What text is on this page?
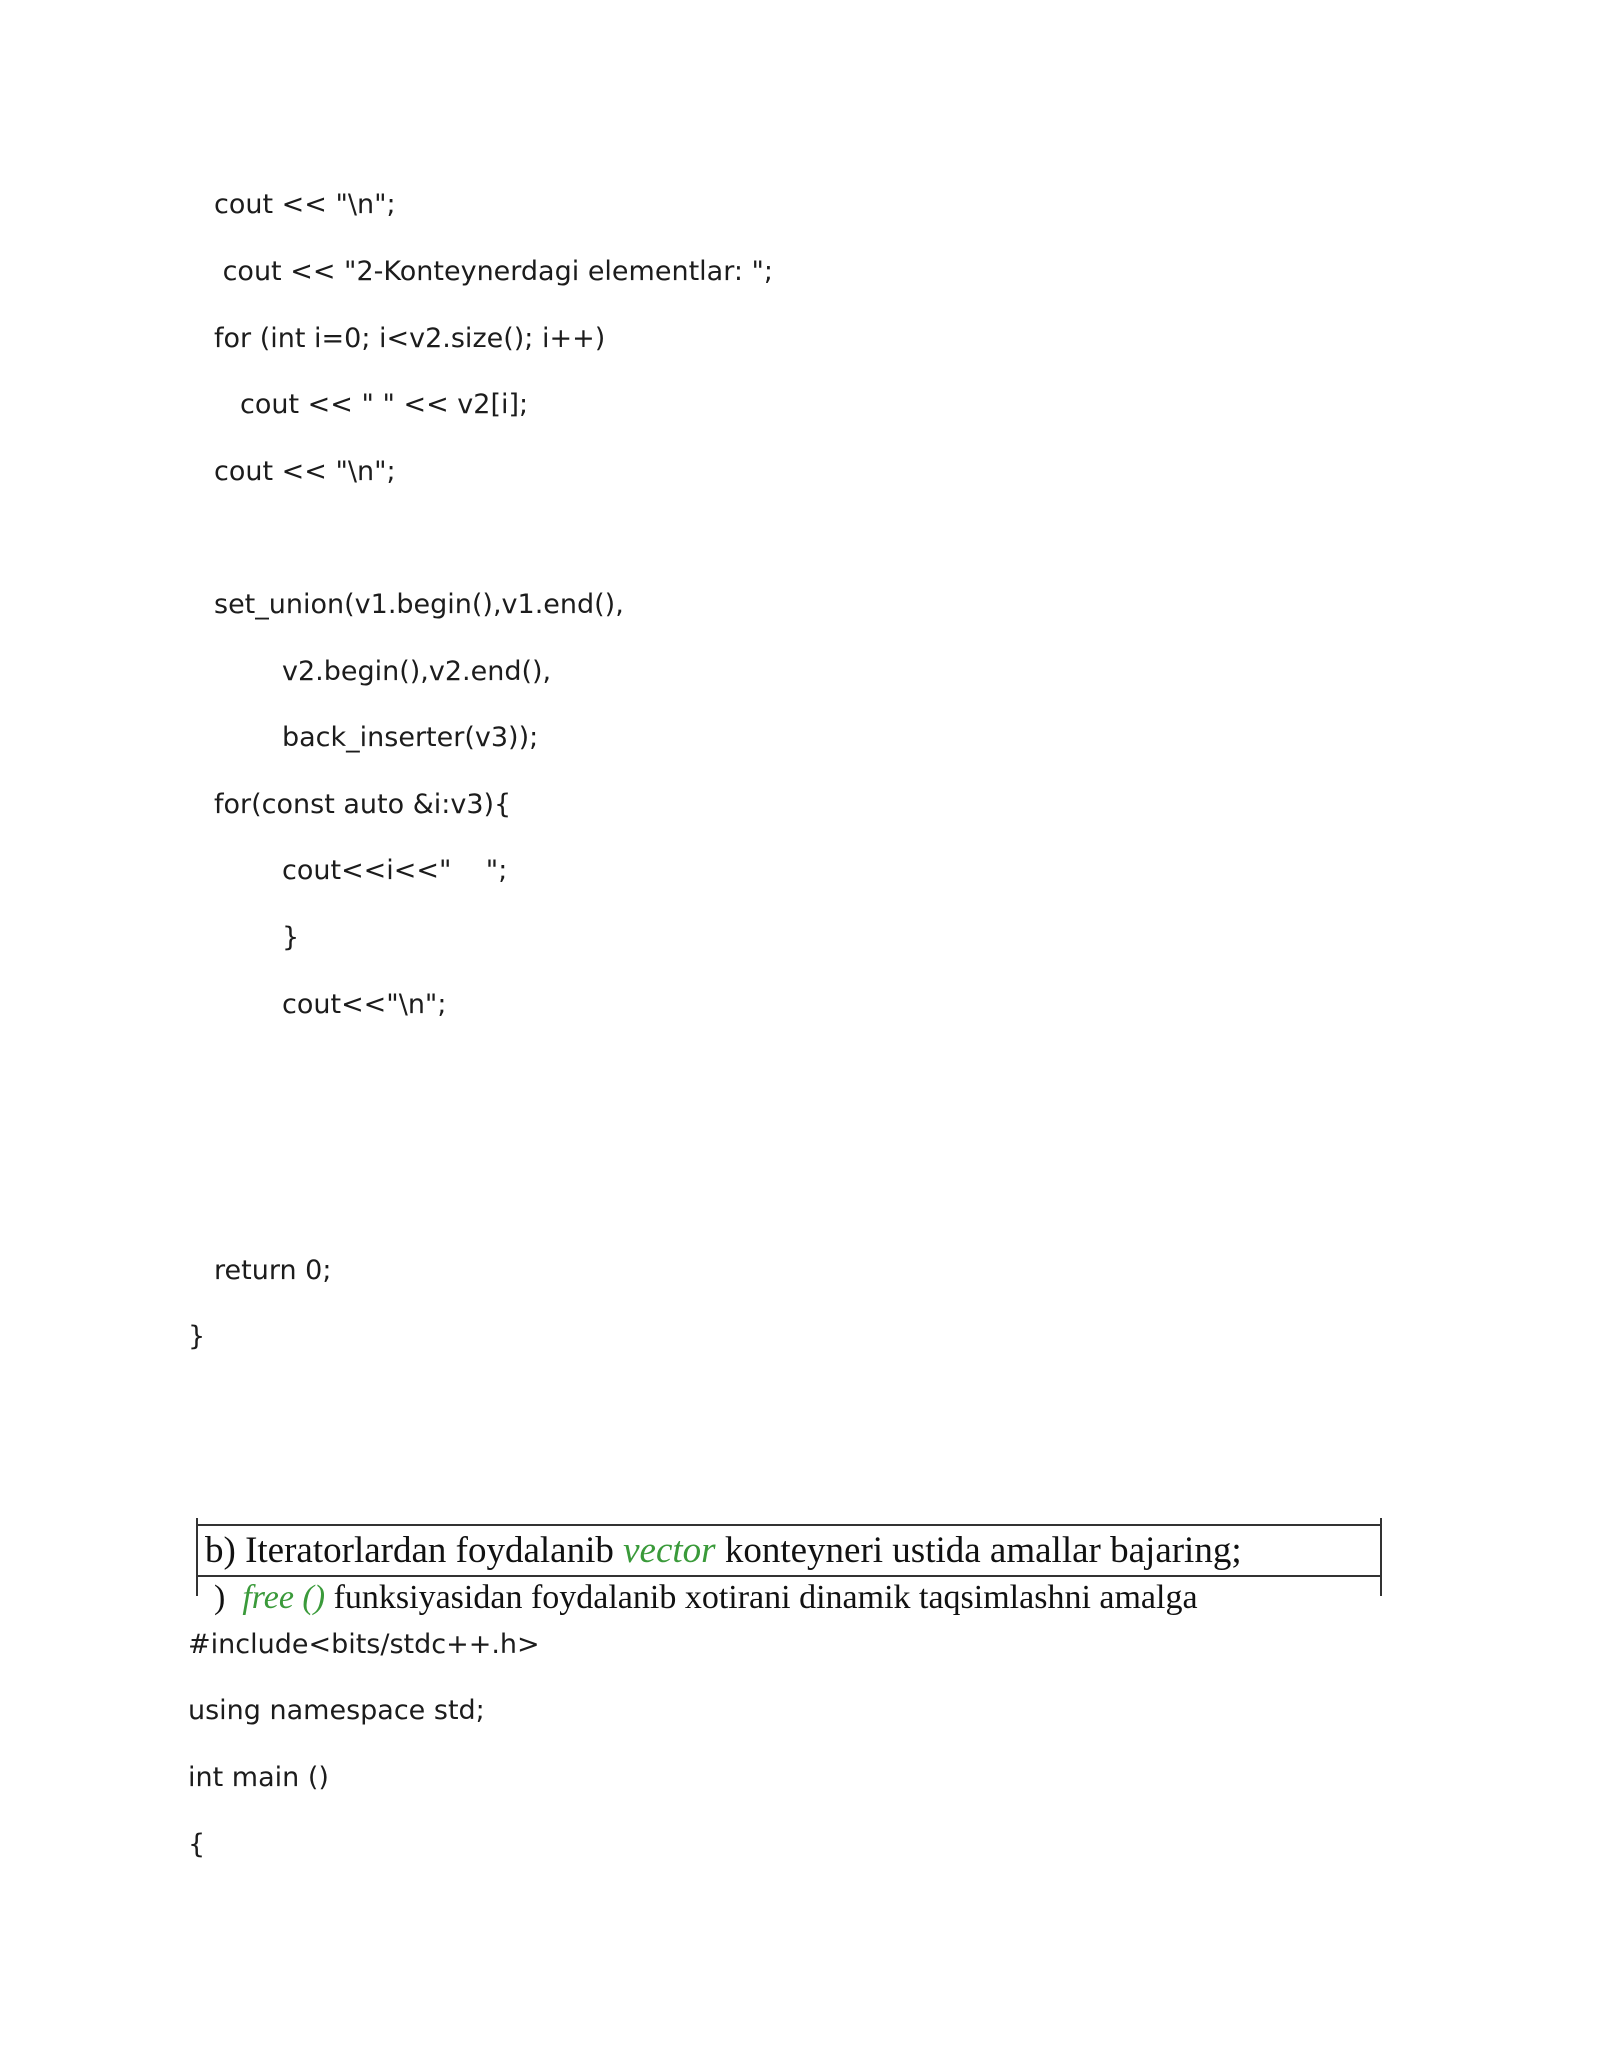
cout << "\n";
cout << "2-Konteynerdagi elementlar: ";
for (int i=0; i<v2.size(); i++)
cout << " " << v2[i];
cout << "\n";
set_union(v1.begin(),v1.end(),
v2.begin(),v2.end(),
back_inserter(v3));
for(const auto &i:v3){
cout<<i<<"    ";
}
cout<<"\n";
return 0;
}
b) Iteratorlardan foydalanib vector konteyneri ustida amallar bajaring;
) free () funksiyasidan foydalanib xotirani dinamik taqsimlashni amalga
#include<bits/stdc++.h>
using namespace std;
int main ()
{
